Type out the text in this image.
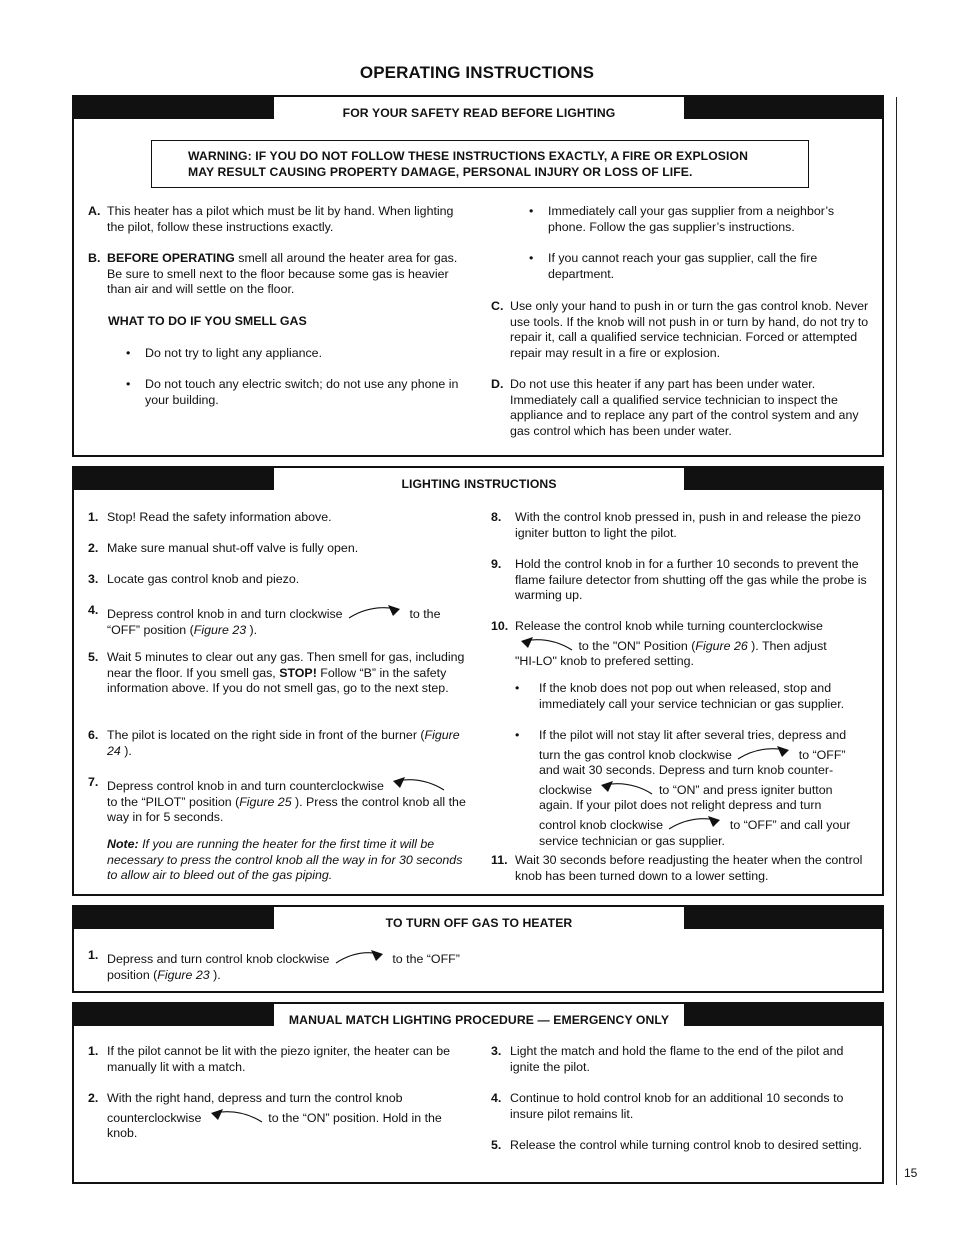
OPERATING INSTRUCTIONS
15
FOR YOUR SAFETY READ BEFORE LIGHTING
WARNING: IF YOU DO NOT FOLLOW THESE INSTRUCTIONS EXACTLY, A FIRE OR EXPLOSION MAY RESULT CAUSING PROPERTY DAMAGE, PERSONAL INJURY OR LOSS OF LIFE.
A. This heater has a pilot which must be lit by hand. When lighting the pilot, follow these instructions exactly.
B. BEFORE OPERATING smell all around the heater area for gas. Be sure to smell next to the floor because some gas is heavier than air and will settle on the floor.
WHAT TO DO IF YOU SMELL GAS
• Do not try to light any appliance.
• Do not touch any electric switch; do not use any phone in your building.
• Immediately call your gas supplier from a neighbor’s phone. Follow the gas supplier’s instructions.
• If you cannot reach your gas supplier, call the fire department.
C. Use only your hand to push in or turn the gas control knob. Never use tools. If the knob will not push in or turn by hand, do not try to repair it, call a qualified service technician. Forced or attempted repair may result in a fire or explosion.
D. Do not use this heater if any part has been under water. Immediately call a qualified service technician to inspect the appliance and to replace any part of the control system and any gas control which has been under water.
LIGHTING INSTRUCTIONS
1. Stop! Read the safety information above.
2. Make sure manual shut-off valve is fully open.
3. Locate gas control knob and piezo.
4. Depress control knob in and turn clockwise	to the
“OFF” position (Figure 23 ).
5. Wait 5 minutes to clear out any gas. Then smell for gas, including near the floor. If you smell gas, STOP! Follow “B” in the safety information above. If you do not smell gas, go to the next step.
6. The pilot is located on the right side in front of the burner (Figure 24 ).
7. Depress control knob in and turn counterclockwise
to the “PILOT” position (Figure 25 ). Press the control knob all the way in for 5 seconds.
Note: If you are running the heater for the first time it will be necessary to press the control knob all the way in for 30 seconds to allow air to bleed out of the gas piping.
8. With the control knob pressed in, push in and release the piezo igniter button to light the pilot.
9. Hold the control knob in for a further 10 seconds to prevent the flame failure detector from shutting off the gas while the probe is warming up.
10. Release the control knob while turning counterclockwise
to the "ON" Position (Figure 26 ). Then adjust
"HI-LO" knob to prefered setting.
• If the knob does not pop out when released, stop and immediately call your service technician or gas supplier.
• If the pilot will not stay lit after several tries, depress and
turn the gas control knob clockwise	to “OFF”
and wait 30 seconds. Depress and turn knob counter-
clockwise	to “ON” and press igniter button
again. If your pilot does not relight depress and turn
control knob clockwise	to “OFF” and call your
service technician or gas supplier.
11. Wait 30 seconds before readjusting the heater when the control knob has been turned down to a lower setting.
TO TURN OFF GAS TO HEATER
1. Depress and turn control knob clockwise	to the “OFF”
position (Figure 23 ).
MANUAL MATCH LIGHTING PROCEDURE — EMERGENCY ONLY
1. If the pilot cannot be lit with the piezo igniter, the heater can be manually lit with a match.
2. With the right hand, depress and turn the control knob
counterclockwise	to the “ON” position. Hold in the
knob.
3. Light the match and hold the flame to the end of the pilot and ignite the pilot.
4. Continue to hold control knob for an additional 10 seconds to insure pilot remains lit.
5. Release the control while turning control knob to desired setting.
